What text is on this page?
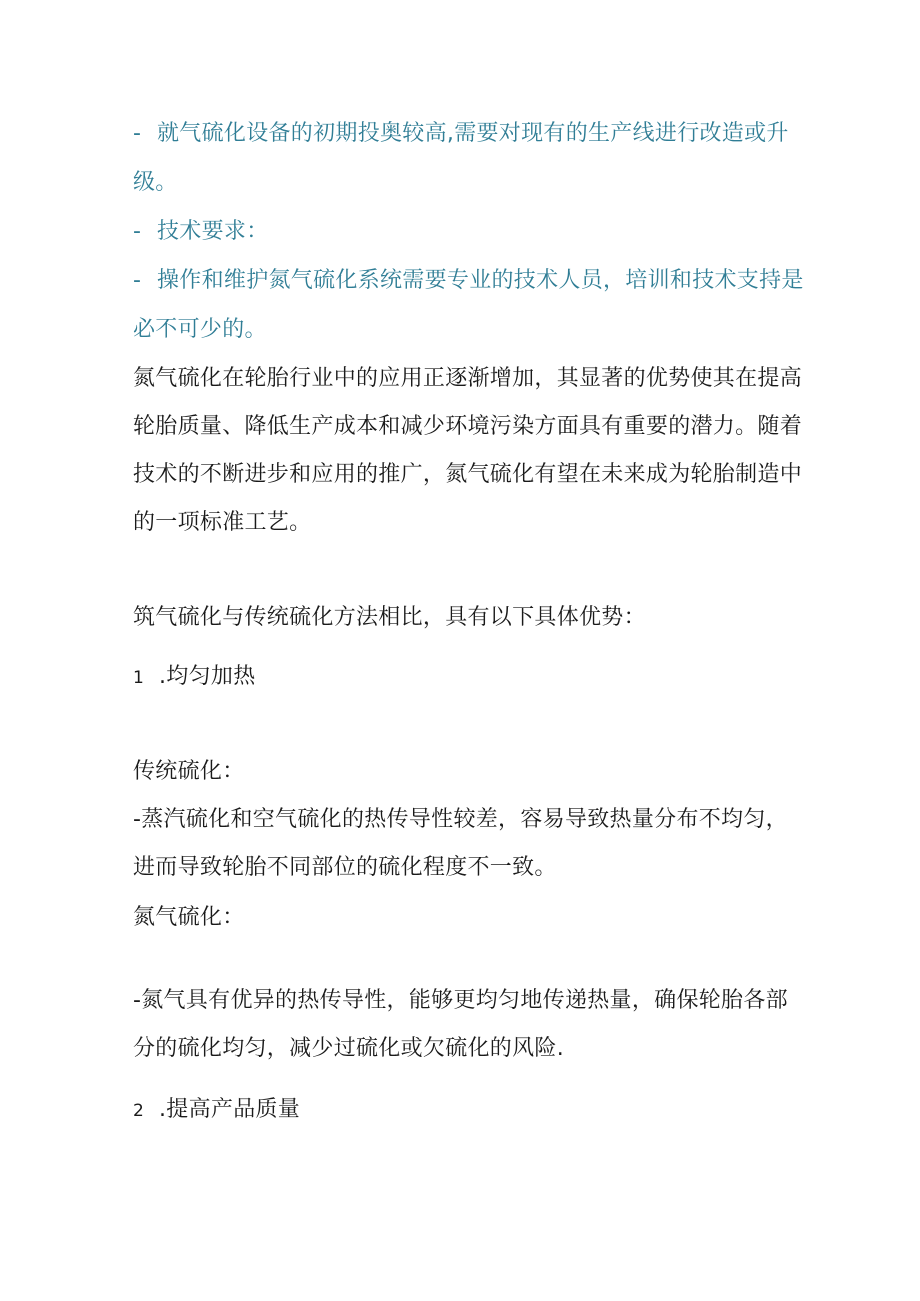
- 就气硫化设备的初期投奥较高,需要对现有的生产线进行改造或升
级。
- 技术要求：
- 操作和维护氮气硫化系统需要专业的技术人员，培训和技术支持是
必不可少的。
氮气硫化在轮胎行业中的应用正逐渐增加，其显著的优势使其在提高
轮胎质量、降低生产成本和减少环境污染方面具有重要的潜力。随着
技术的不断进步和应用的推广，氮气硫化有望在未来成为轮胎制造中
的一项标准工艺。
筑气硫化与传统硫化方法相比，具有以下具体优势：
1 .均匀加热
传统硫化：
-蒸汽硫化和空气硫化的热传导性较差，容易导致热量分布不均匀，
进而导致轮胎不同部位的硫化程度不一致。
氮气硫化：
-氮气具有优异的热传导性，能够更均匀地传递热量，确保轮胎各部
分的硫化均匀，减少过硫化或欠硫化的风险.
2 .提高产品质量
